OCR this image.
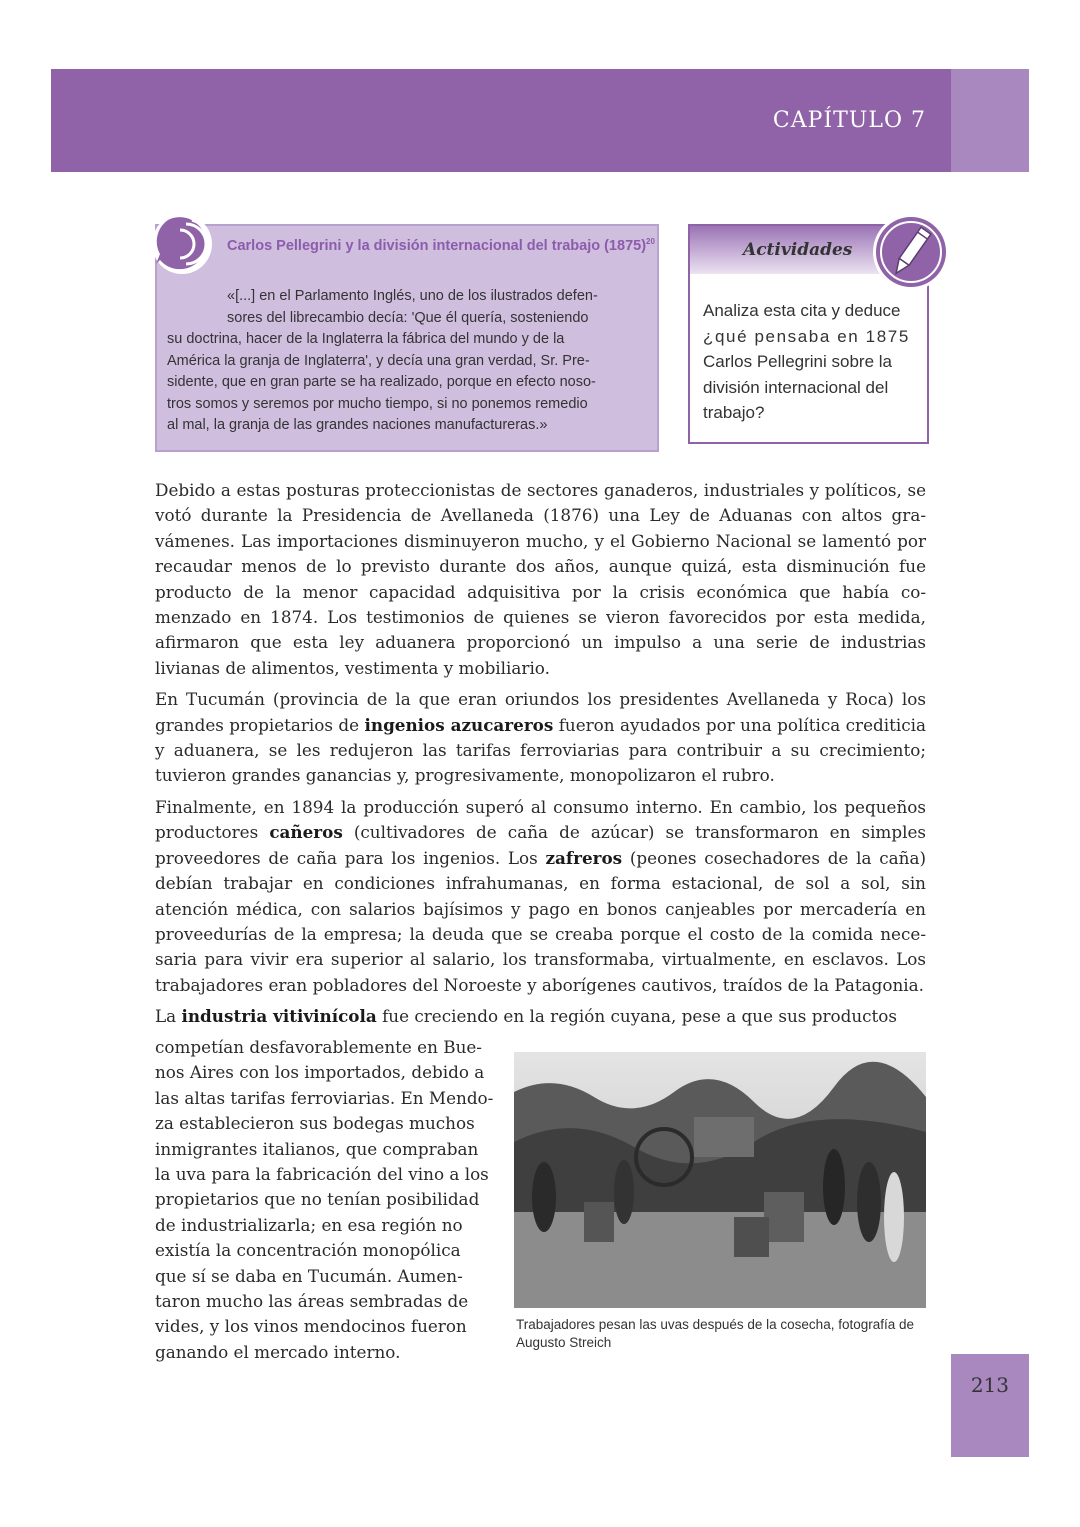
CAPÍTULO 7
Carlos Pellegrini y la división internacional del trabajo $(1875)^{20}$
«[...] en el Parlamento Inglés, uno de los ilustrados defen-
sores del librecambio decía: 'Que él quería, sosteniendo
su doctrina, hacer de la Inglaterra la fábrica del mundo y de la
América la granja de Inglaterra', y decía una gran verdad, Sr. Pre-
sidente, que en gran parte se ha realizado, porque en efecto noso-
tros somos y seremos por mucho tiempo, si no ponemos remedio
al mal, la granja de las grandes naciones manufactureras.»
Actividades
Analiza esta cita y deduce
¿qué pensaba en 1875
Carlos Pellegrini sobre la
división internacional del
trabajo?

Debido a estas posturas proteccionistas de sectores ganaderos, industriales y políticos, se votó durante la Presidencia de Avellaneda (1876) una Ley de Aduanas con altos gra- vámenes. Las importaciones disminuyeron mucho, y el Gobierno Nacional se lamentó por recaudar menos de lo previsto durante dos años, aunque quizá, esta disminución fue producto de la menor capacidad adquisitiva por la crisis económica que había co- menzado en 1874. Los testimonios de quienes se vieron favorecidos por esta medida, afirmaron que esta ley aduanera proporcionó un impulso a una serie de industrias livianas de alimentos, vestimenta y mobiliario.

En Tucumán (provincia de la que eran oriundos los presidentes Avellaneda y Roca) los grandes propietarios de ingenios azucareros fueron ayudados por una política crediticia y aduanera, se les redujeron las tarifas ferroviarias para contribuir a su crecimiento; tuvieron grandes ganancias y, progresivamente, monopolizaron el rubro.

Finalmente, en 1894 la producción superó al consumo interno. En cambio, los pequeños productores cañeros (cultivadores de caña de azúcar) se transformaron en simples proveedores de caña para los ingenios. Los zafreros (peones cosechadores de la caña) debían trabajar en condiciones infrahumanas, en forma estacional, de sol a sol, sin atención médica, con salarios bajísimos y pago en bonos canjeables por mercadería en proveedurías de la empresa; la deuda que se creaba porque el costo de la comida nece-saria para vivir era superior al salario, los transformaba, virtualmente, en esclavos. Los trabajadores eran pobladores del Noroeste y aborígenes cautivos, traídos de la Patagonia.

La industria vitivinícola fue creciendo en la región cuyana, pese a que sus productos

competían desfavorablemente en Bue-
nos Aires con los importados, debido a
las altas tarifas ferroviarias. En Mendo-
za establecieron sus bodegas muchos
inmigrantes italianos, que compraban
la uva para la fabricación del vino a los
propietarios que no tenían posibilidad
de industrializarla; en esa región no
existía la concentración monopólica
que sí se daba en Tucumán. Aumen-
taron mucho las áreas sembradas de
vides, y los vinos mendocinos fueron
ganando el mercado interno.
Trabajadores pesan las uvas después de la cosecha, fotografía de Augusto Streich
213
